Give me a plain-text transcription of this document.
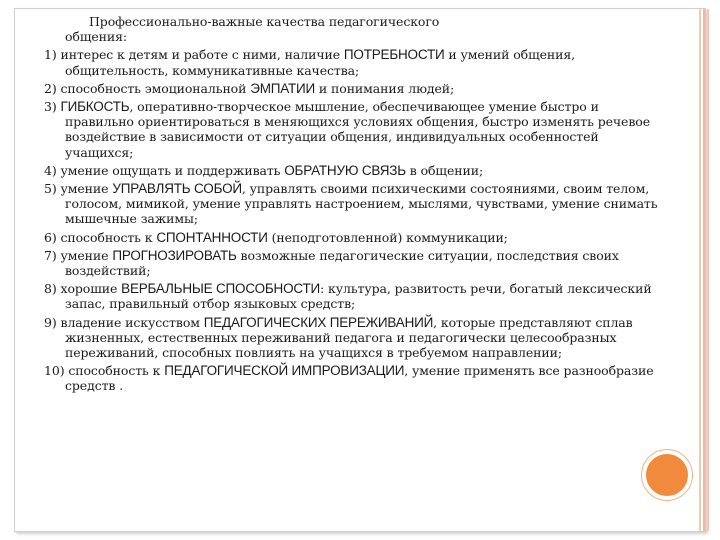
Профессионально-важные качества педагогического
общения:
1) интерес к детям и работе с ними, наличие ПОТРЕБНОСТИ и умений общения, общительность, коммуникативные качества;
2) способность эмоциональной ЭМПАТИИ и понимания людей;
3) ГИБКОСТЬ, оперативно-творческое мышление, обеспечивающее умение быстро и правильно ориентироваться в меняющихся условиях общения, быстро изменять речевое воздействие в зависимости от ситуации общения, индивидуальных особенностей учащихся;
4) умение ощущать и поддерживать ОБРАТНУЮ СВЯЗЬ в общении;
5) умение УПРАВЛЯТЬ СОБОЙ, управлять своими психическими состояниями, своим телом, голосом, мимикой, умение управлять настроением, мыслями, чувствами, умение снимать мышечные зажимы;
6) способность к СПОНТАННОСТИ (неподготовленной) коммуникации;
7) умение ПРОГНОЗИРОВАТЬ возможные педагогические ситуации, последствия своих воздействий;
8) хорошие ВЕРБАЛЬНЫЕ СПОСОБНОСТИ: культура, развитость речи, богатый лексический запас, правильный отбор языковых средств;
9) владение искусством ПЕДАГОГИЧЕСКИХ ПЕРЕЖИВАНИЙ, которые представляют сплав жизненных, естественных переживаний педагога и педагогически целесообразных переживаний, способных повлиять на учащихся в требуемом направлении;
10) способность к ПЕДАГОГИЧЕСКОЙ ИМПРОВИЗАЦИИ, умение применять все разнообразие средств .
